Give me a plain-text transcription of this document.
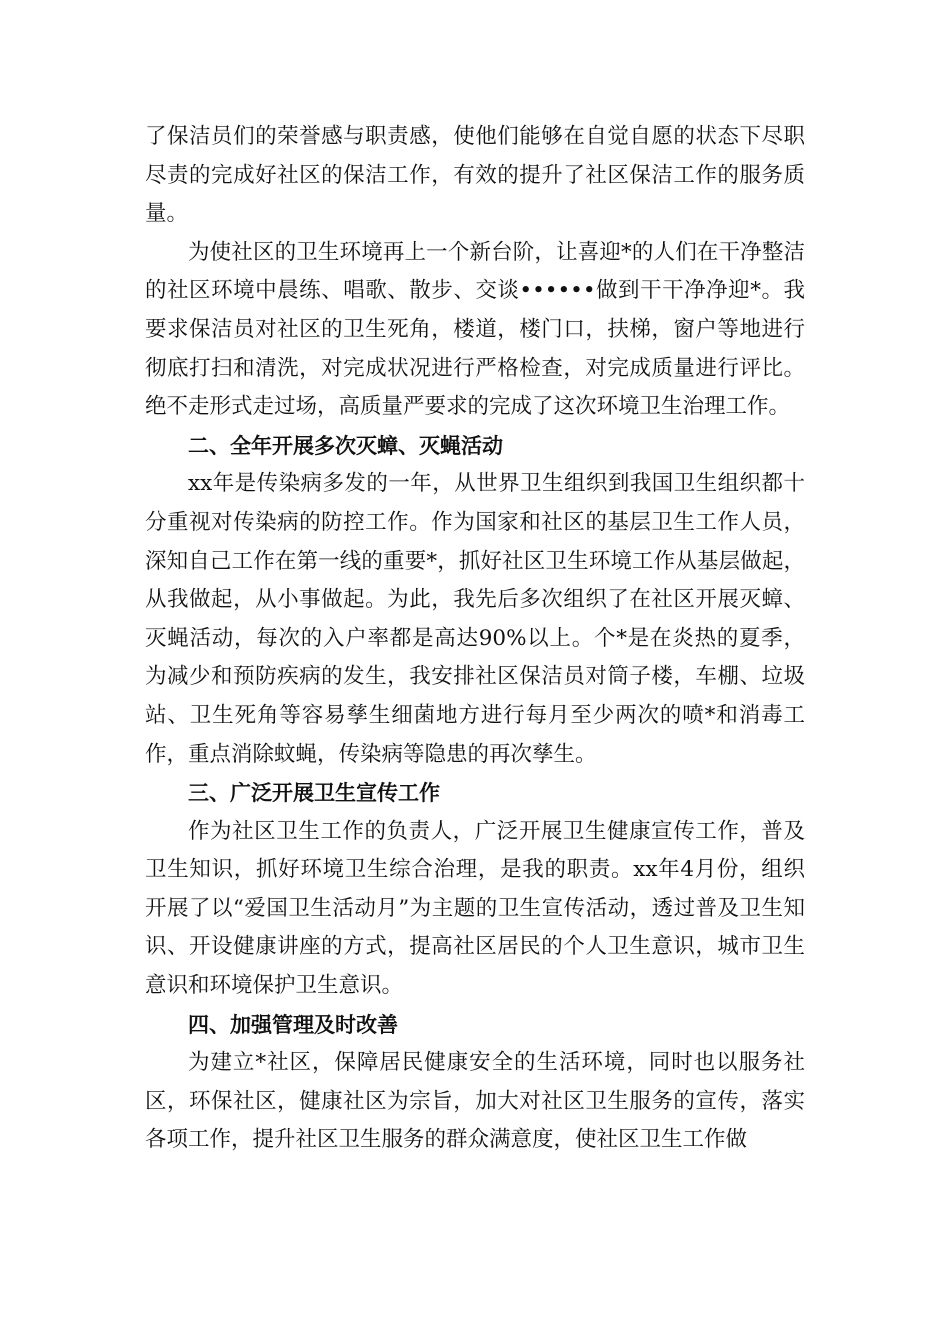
了保洁员们的荣誉感与职责感，使他们能够在自觉自愿的状态下尽职尽责的完成好社区的保洁工作，有效的提升了社区保洁工作的服务质量。

为使社区的卫生环境再上一个新台阶，让喜迎*的人们在干净整洁的社区环境中晨练、唱歌、散步、交谈••••••做到干干净净迎*。我要求保洁员对社区的卫生死角，楼道，楼门口，扶梯，窗户等地进行彻底打扫和清洗，对完成状况进行严格检查，对完成质量进行评比。绝不走形式走过场，高质量严要求的完成了这次环境卫生治理工作。

二、全年开展多次灭蟑、灭蝇活动

xx年是传染病多发的一年，从世界卫生组织到我国卫生组织都十分重视对传染病的防控工作。作为国家和社区的基层卫生工作人员，深知自己工作在第一线的重要*，抓好社区卫生环境工作从基层做起，从我做起，从小事做起。为此，我先后多次组织了在社区开展灭蟑、灭蝇活动，每次的入户率都是高达90%以上。个*是在炎热的夏季，为减少和预防疾病的发生，我安排社区保洁员对筒子楼，车棚、垃圾站、卫生死角等容易孳生细菌地方进行每月至少两次的喷*和消毒工作，重点消除蚊蝇，传染病等隐患的再次孳生。

三、广泛开展卫生宣传工作

作为社区卫生工作的负责人，广泛开展卫生健康宣传工作，普及卫生知识，抓好环境卫生综合治理，是我的职责。xx年4月份，组织开展了以“爱国卫生活动月”为主题的卫生宣传活动，透过普及卫生知识、开设健康讲座的方式，提高社区居民的个人卫生意识，城市卫生意识和环境保护卫生意识。

四、加强管理及时改善

为建立*社区，保障居民健康安全的生活环境，同时也以服务社区，环保社区，健康社区为宗旨，加大对社区卫生服务的宣传，落实各项工作，提升社区卫生服务的群众满意度，使社区卫生工作做
